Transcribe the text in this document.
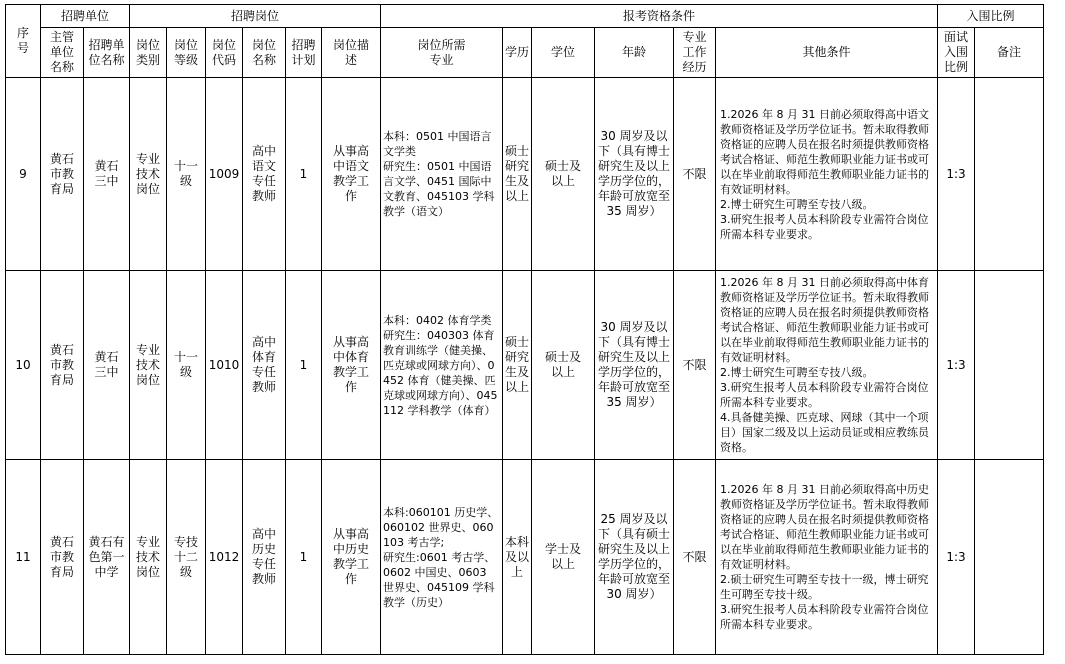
序
号	招聘单位		招聘岗位						报考资格条件						入围比例	
	主管
单位
名称	招聘单
位名称	岗位
类别	岗位
等级	岗位
代码	岗位
名称	招聘
计划	岗位描
述	岗位所需
专业	学历	学位	年龄	专业
工作
经历	其他条件	面试
入围
比例	备注
9	黄石
市教
育局	黄石
三中	专业
技术
岗位	十一
级	1009	高中
语文
专任
教师	1	从事高
中语文
教学工
作	本科：0501 中国语言文学类
研究生：0501 中国语言文学、0451 国际中文教育、045103 学科教学（语文）	硕士
研究
生及
以上	硕士及
以上	30 周岁及以下（具有博士研究生及以上学历学位的，年龄可放宽至 35 周岁）	不限	1.2026 年 8 月 31 日前必须取得高中语文教师资格证及学历学位证书。暂未取得教师资格证的应聘人员在报名时须提供教师资格考试合格证、师范生教师职业能力证书或可以在毕业前取得师范生教师职业能力证书的有效证明材料。
2.博士研究生可聘至专技八级。
3.研究生报考人员本科阶段专业需符合岗位所需本科专业要求。	1:3	
10	黄石
市教
育局	黄石
三中	专业
技术
岗位	十一
级	1010	高中
体育
专任
教师	1	从事高
中体育
教学工
作	本科：0402 体育学类
研究生：040303 体育教育训练学（健美操、匹克球或网球方向）、0452 体育（健美操、匹克球或网球方向）、045112 学科教学（体育）	硕士
研究
生及
以上	硕士及
以上	30 周岁及以下（具有博士研究生及以上学历学位的，年龄可放宽至 35 周岁）	不限	1.2026 年 8 月 31 日前必须取得高中体育教师资格证及学历学位证书。暂未取得教师资格证的应聘人员在报名时须提供教师资格考试合格证、师范生教师职业能力证书或可以在毕业前取得师范生教师职业能力证书的有效证明材料。
2.博士研究生可聘至专技八级。
3.研究生报考人员本科阶段专业需符合岗位所需本科专业要求。
4.具备健美操、匹克球、网球（其中一个项目）国家二级及以上运动员证或相应教练员资格。	1:3	
11	黄石
市教
育局	黄石有
色第一
中学	专业
技术
岗位	专技
十二
级	1012	高中
历史
专任
教师	1	从事高
中历史
教学工
作	本科:060101 历史学、060102 世界史、060103 考古学;
研究生:0601 考古学、0602 中国史、0603 世界史、045109 学科教学（历史）	本科
及以
上	学士及
以上	25 周岁及以下（具有硕士研究生及以上学历学位的，年龄可放宽至 30 周岁）	不限	1.2026 年 8 月 31 日前必须取得高中历史教师资格证及学历学位证书。暂未取得教师资格证的应聘人员在报名时须提供教师资格考试合格证、师范生教师职业能力证书或可以在毕业前取得师范生教师职业能力证书的有效证明材料。
2.硕士研究生可聘至专技十一级，博士研究生可聘至专技十级。
3.研究生报考人员本科阶段专业需符合岗位所需本科专业要求。	1:3	
